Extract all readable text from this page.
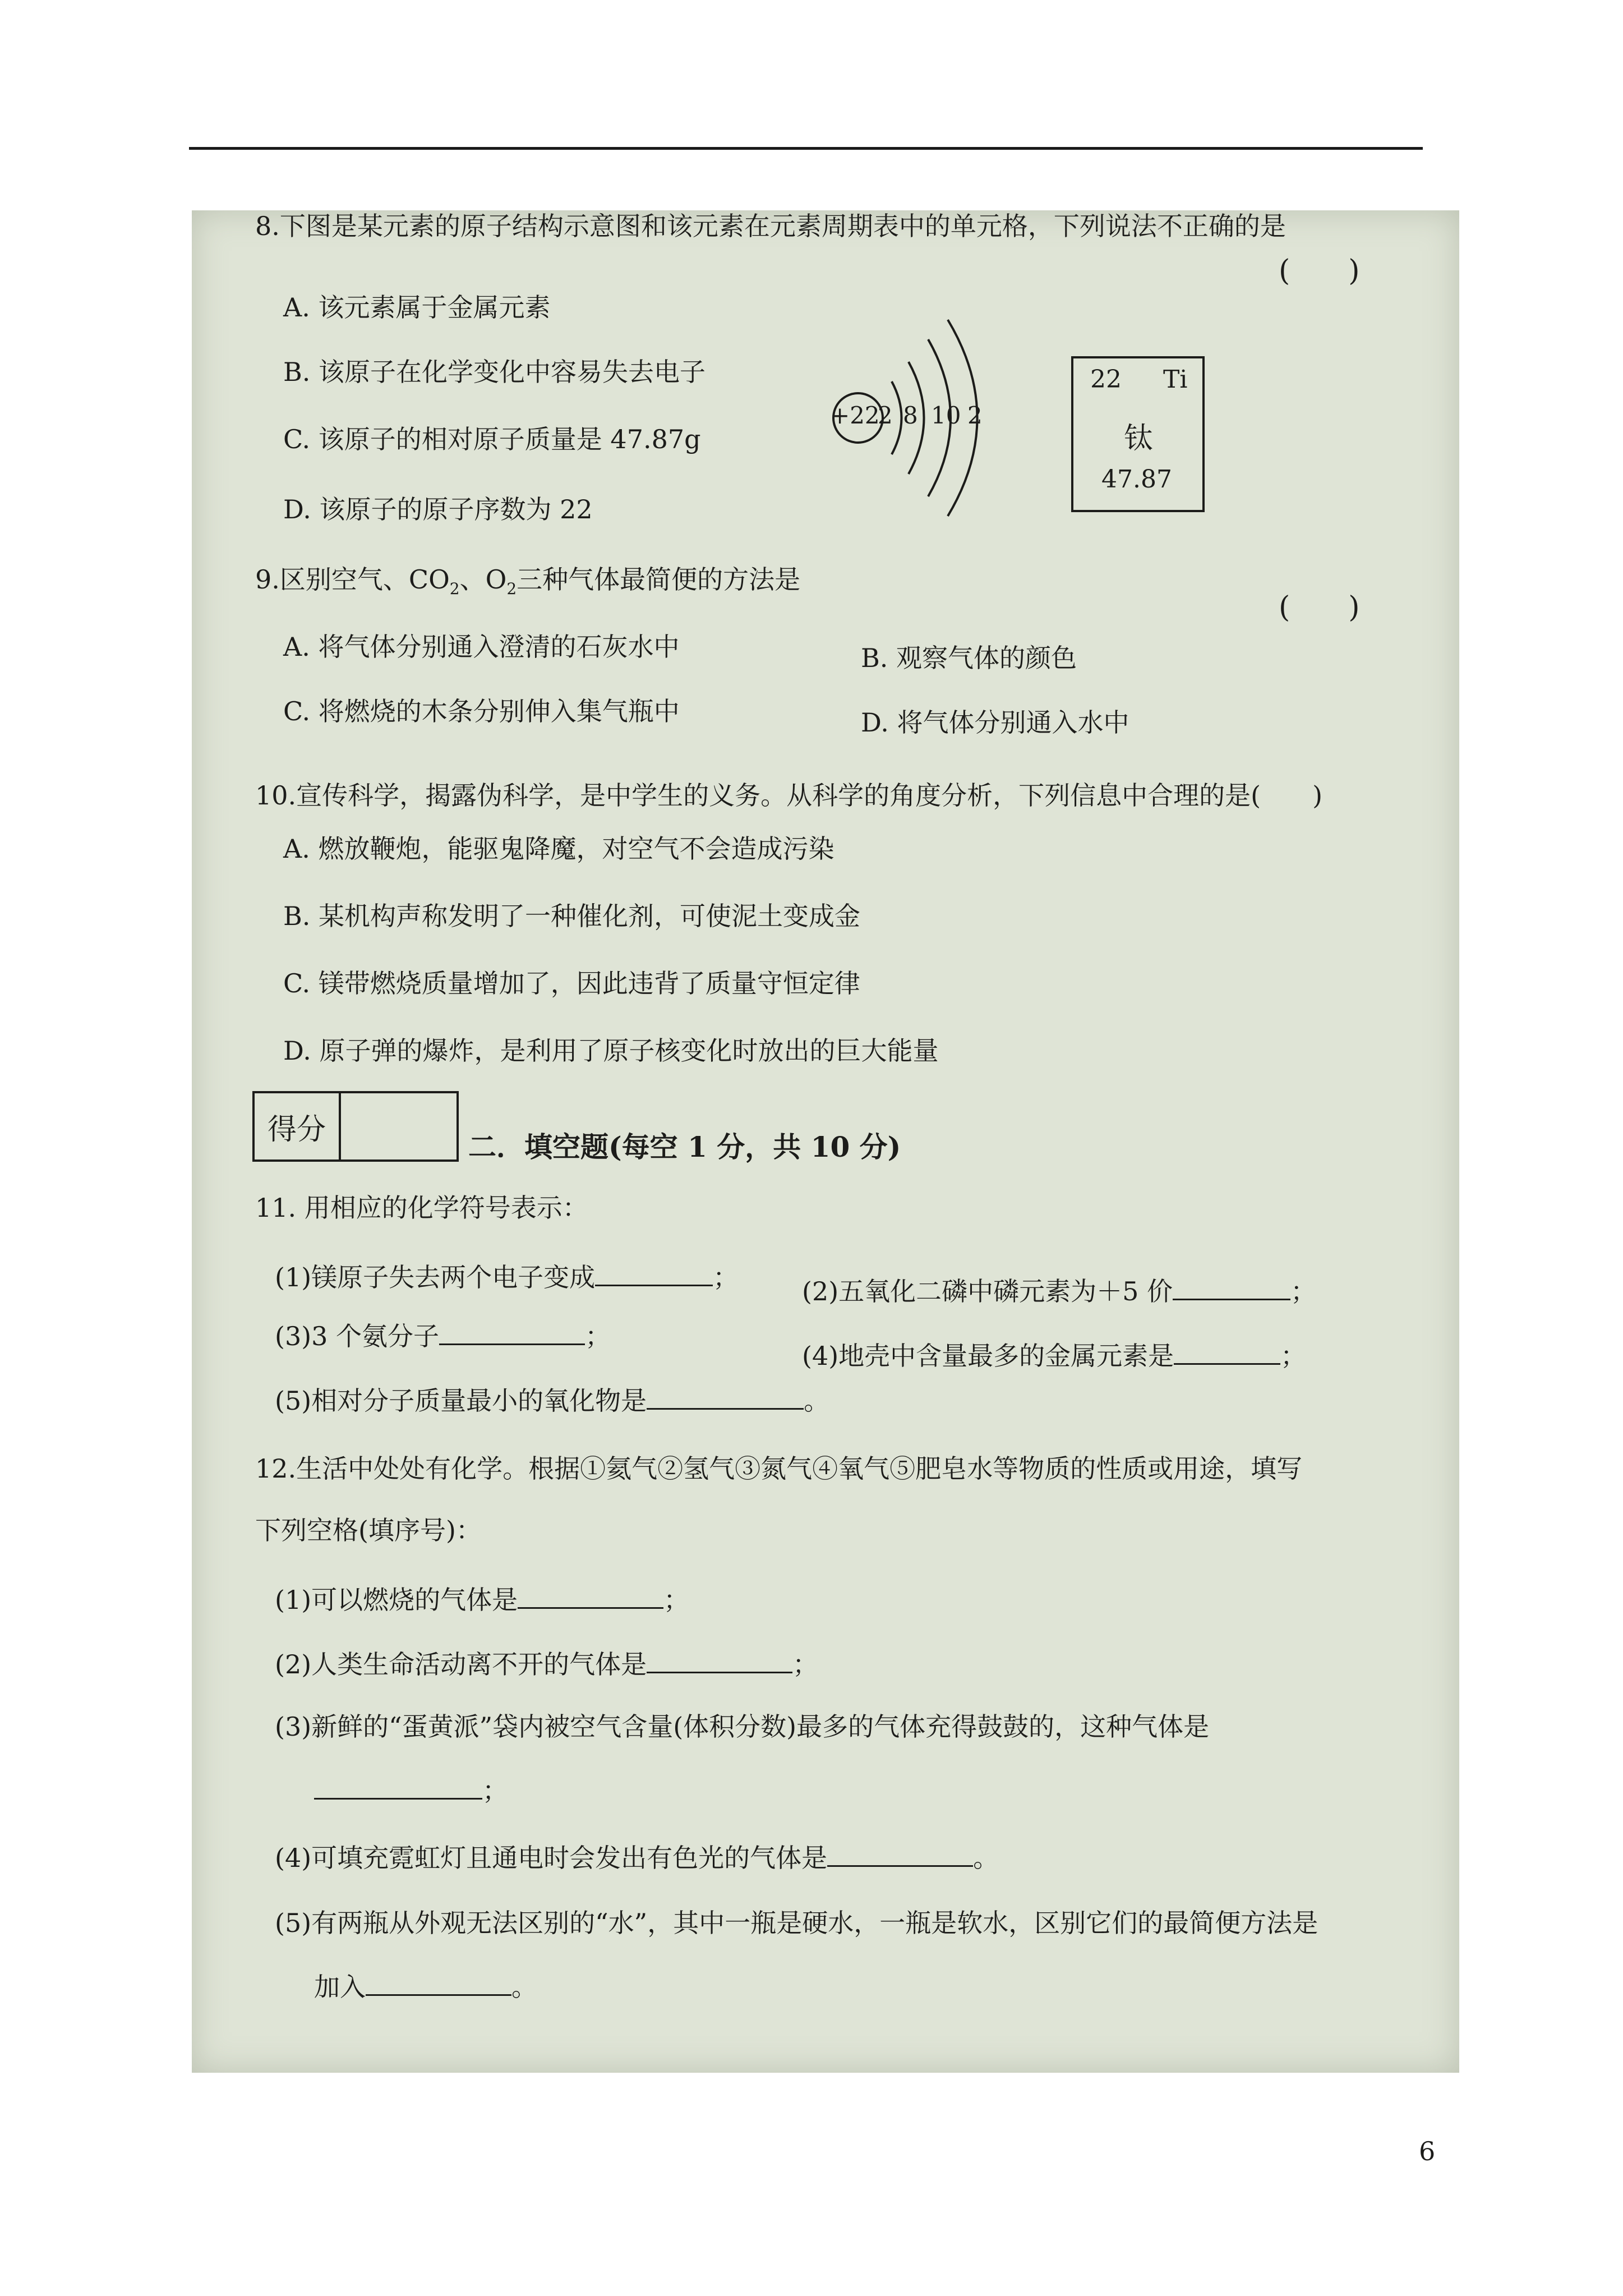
8.下图是某元素的原子结构示意图和该元素在元素周期表中的单元格，下列说法不正确的是
(　　)
A. 该元素属于金属元素
B. 该原子在化学变化中容易失去电子
C. 该原子的相对原子质量是 47.87g
D. 该原子的原子序数为 22
+22
2 8 10 2
22 Ti
钛
47.87
9.区别空气、$CO_2$、$O_2$三种气体最简便的方法是
(　　)
A. 将气体分别通入澄清的石灰水中	B. 观察气体的颜色
C. 将燃烧的木条分别伸入集气瓶中	D. 将气体分别通入水中
10.宣传科学，揭露伪科学，是中学生的义务。从科学的角度分析，下列信息中合理的是(　　)
A. 燃放鞭炮，能驱鬼降魔，对空气不会造成污染
B. 某机构声称发明了一种催化剂，可使泥土变成金
C. 镁带燃烧质量增加了，因此违背了质量守恒定律
D. 原子弹的爆炸，是利用了原子核变化时放出的巨大能量
得分
二．填空题(每空 1 分，共 10 分)
11. 用相应的化学符号表示：
(1)镁原子失去两个电子变成	； (2)五氧化二磷中磷元素为＋5 价	；
(3)3 个氨分子	；
(4)地壳中含量最多的金属元素是	；
(5)相对分子质量最小的氧化物是	。
12.生活中处处有化学。根据①氦气②氢气③氮气④氧气⑤肥皂水等物质的性质或用途，填写
下列空格(填序号)：
(1)可以燃烧的气体是	；
(2)人类生命活动离不开的气体是	；
(3)新鲜的“蛋黄派”袋内被空气含量(体积分数)最多的气体充得鼓鼓的，这种气体是
；
(4)可填充霓虹灯且通电时会发出有色光的气体是	。
(5)有两瓶从外观无法区别的“水”，其中一瓶是硬水，一瓶是软水，区别它们的最简便方法是
加入	。
6
